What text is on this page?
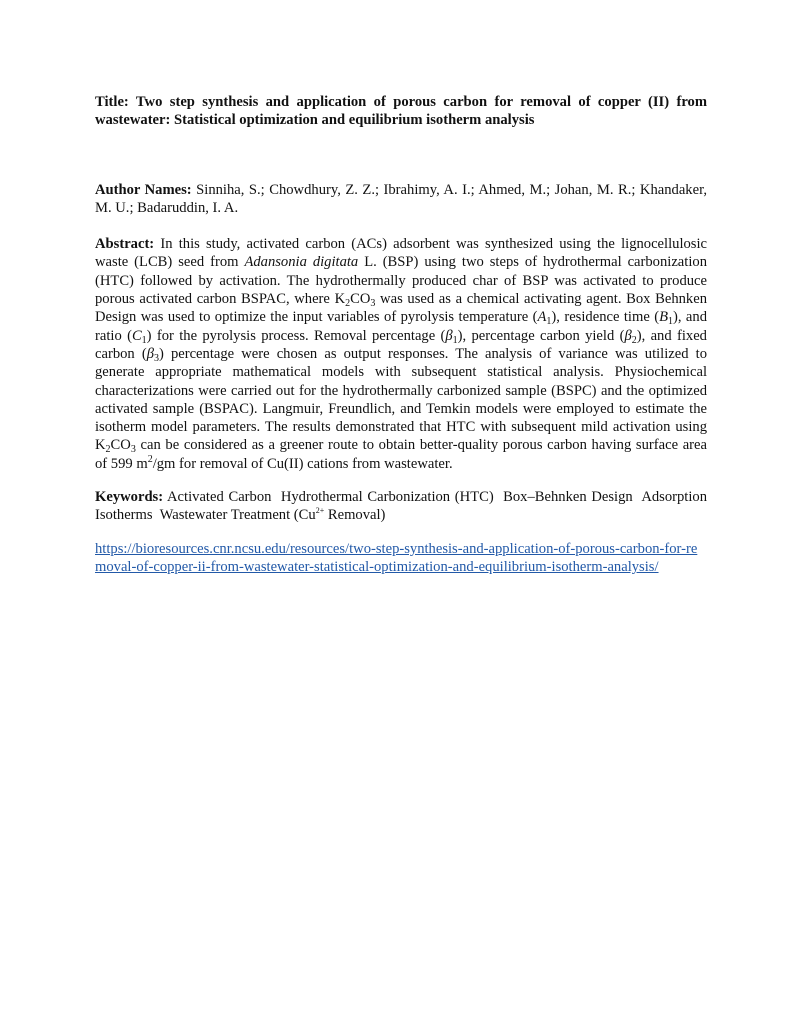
Title: Two step synthesis and application of porous carbon for removal of copper (II) from wastewater: Statistical optimization and equilibrium isotherm analysis

Author Names: Sinniha, S.; Chowdhury, Z. Z.; Ibrahimy, A. I.; Ahmed, M.; Johan, M. R.; Khandaker, M. U.; Badaruddin, I. A.

Abstract: In this study, activated carbon (ACs) adsorbent was synthesized using the lignocellulosic waste (LCB) seed from Adansonia digitata L. (BSP) using two steps of hydrothermal carbonization (HTC) followed by activation. The hydrothermally produced char of BSP was activated to produce porous activated carbon BSPAC, where $K_2CO_3$ was used as a chemical activating agent. Box Behnken Design was used to optimize the input variables of pyrolysis temperature $(A_1)$, residence time $(B_1)$, and ratio $(C_1)$ for the pyrolysis process. Removal percentage $(\beta_1)$, percentage carbon yield $(\beta_2)$, and fixed carbon $(\beta_3)$ percentage were chosen as output responses. The analysis of variance was utilized to generate appropriate mathematical models with subsequent statistical analysis. Physiochemical characterizations were carried out for the hydrothermally carbonized sample (BSPC) and the optimized activated sample (BSPAC). Langmuir, Freundlich, and Temkin models were employed to estimate the isotherm model parameters. The results demonstrated that HTC with subsequent mild activation using $K_2CO_3$ can be considered as a greener route to obtain better-quality porous carbon having surface area of 599 $m^2/gm$ for removal of Cu(II) cations from wastewater.

Keywords: Activated Carbon Hydrothermal Carbonization (HTC) Box–Behnken Design Adsorption Isotherms Wastewater Treatment ($Cu^{2+}$ Removal)

https://bioresources.cnr.ncsu.edu/resources/two-step-synthesis-and-application-of-porous-carbon-for-removal-of-copper-ii-from-wastewater-statistical-optimization-and-equilibrium-isotherm-analysis/
